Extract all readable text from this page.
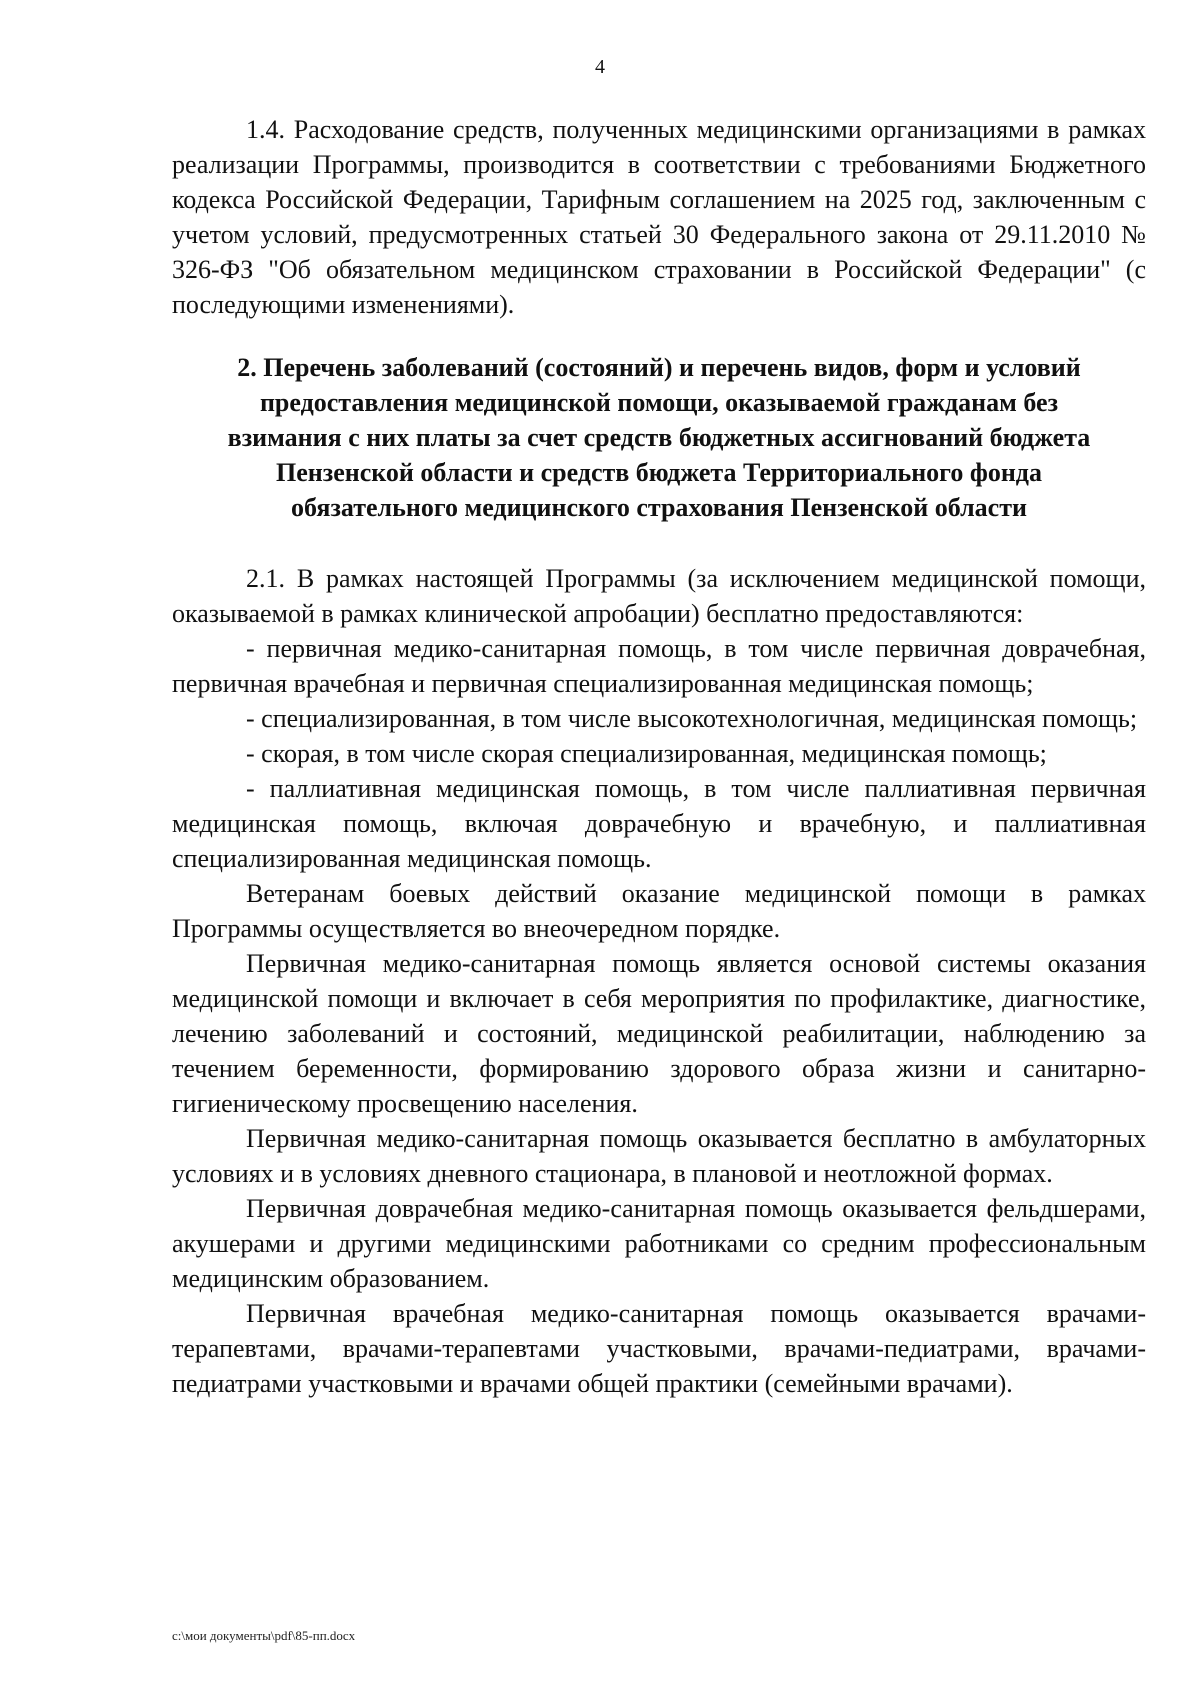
4

1.4. Расходование средств, полученных медицинскими организациями в рамках реализации Программы, производится в соответствии с требованиями Бюджетного кодекса Российской Федерации, Тарифным соглашением на 2025 год, заключенным с учетом условий, предусмотренных статьей 30 Федерального закона от 29.11.2010 № 326-ФЗ "Об обязательном медицинском страховании в Российской Федерации" (с последующими изменениями).

2. Перечень заболеваний (состояний) и перечень видов, форм и условий предоставления медицинской помощи, оказываемой гражданам без взимания с них платы за счет средств бюджетных ассигнований бюджета Пензенской области и средств бюджета Территориального фонда обязательного медицинского страхования Пензенской области

2.1. В рамках настоящей Программы (за исключением медицинской помощи, оказываемой в рамках клинической апробации) бесплатно предоставляются:

- первичная медико-санитарная помощь, в том числе первичная доврачебная, первичная врачебная и первичная специализированная медицинская помощь;

- специализированная, в том числе высокотехнологичная, медицинская помощь;

- скорая, в том числе скорая специализированная, медицинская помощь;

- паллиативная медицинская помощь, в том числе паллиативная первичная медицинская помощь, включая доврачебную и врачебную, и паллиативная специализированная медицинская помощь.

Ветеранам боевых действий оказание медицинской помощи в рамках Программы осуществляется во внеочередном порядке.

Первичная медико-санитарная помощь является основой системы оказания медицинской помощи и включает в себя мероприятия по профилактике, диагностике, лечению заболеваний и состояний, медицинской реабилитации, наблюдению за течением беременности, формированию здорового образа жизни и санитарно-гигиеническому просвещению населения.

Первичная медико-санитарная помощь оказывается бесплатно в амбулаторных условиях и в условиях дневного стационара, в плановой и неотложной формах.

Первичная доврачебная медико-санитарная помощь оказывается фельдшерами, акушерами и другими медицинскими работниками со средним профессиональным медицинским образованием.

Первичная врачебная медико-санитарная помощь оказывается врачами-терапевтами, врачами-терапевтами участковыми, врачами-педиатрами, врачами-педиатрами участковыми и врачами общей практики (семейными врачами).

c:\мои документы\pdf\85-пп.docx
